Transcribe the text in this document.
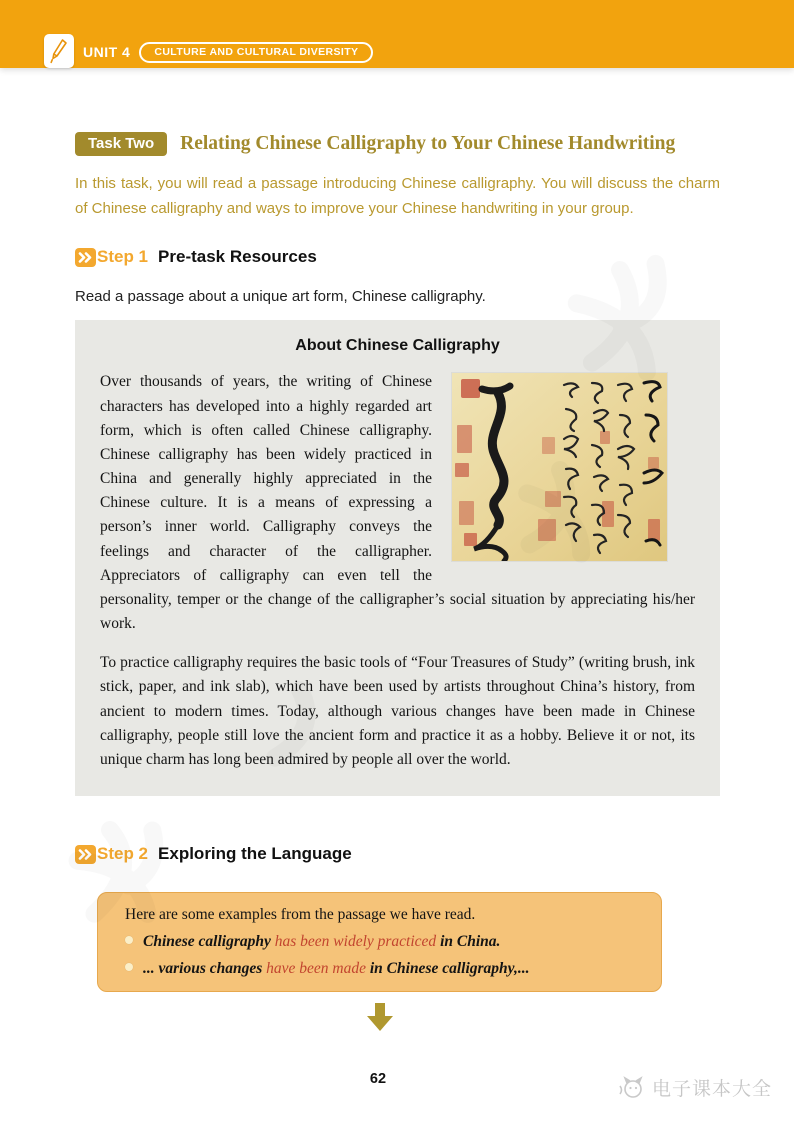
UNIT 4	CULTURE AND CULTURAL DIVERSITY
Task Two	Relating Chinese Calligraphy to Your Chinese Handwriting

In this task, you will read a passage introducing Chinese calligraphy. You will discuss the charm of Chinese calligraphy and ways to improve your Chinese handwriting in your group.

Step 1 Pre-task Resources

Read a passage about a unique art form, Chinese calligraphy.

About Chinese Calligraphy
Over thousands of years, the writing of Chinese characters has developed into a highly regarded art form, which is often called Chinese calligraphy. Chinese calligraphy has been widely practiced in China and generally highly appreciated in the Chinese culture. It is a means of expressing a person’s inner world. Calligraphy conveys the feelings and character of the calligrapher. Appreciators of calligraphy can even tell the personality, temper or the change of the calligrapher’s social situation by appreciating his/her work.
To practice calligraphy requires the basic tools of “Four Treasures of Study” (writing brush, ink stick, paper, and ink slab), which have been used by artists throughout China’s history, from ancient to modern times. Today, although various changes have been made in Chinese calligraphy, people still love the ancient form and practice it as a hobby. Believe it or not, its unique charm has long been admired by people all over the world.
Step 2 Exploring the Language

Here are some examples from the passage we have read.

Chinese calligraphy has been widely practiced in China.
... various changes have been made in Chinese calligraphy,...
62	电子课本大全
